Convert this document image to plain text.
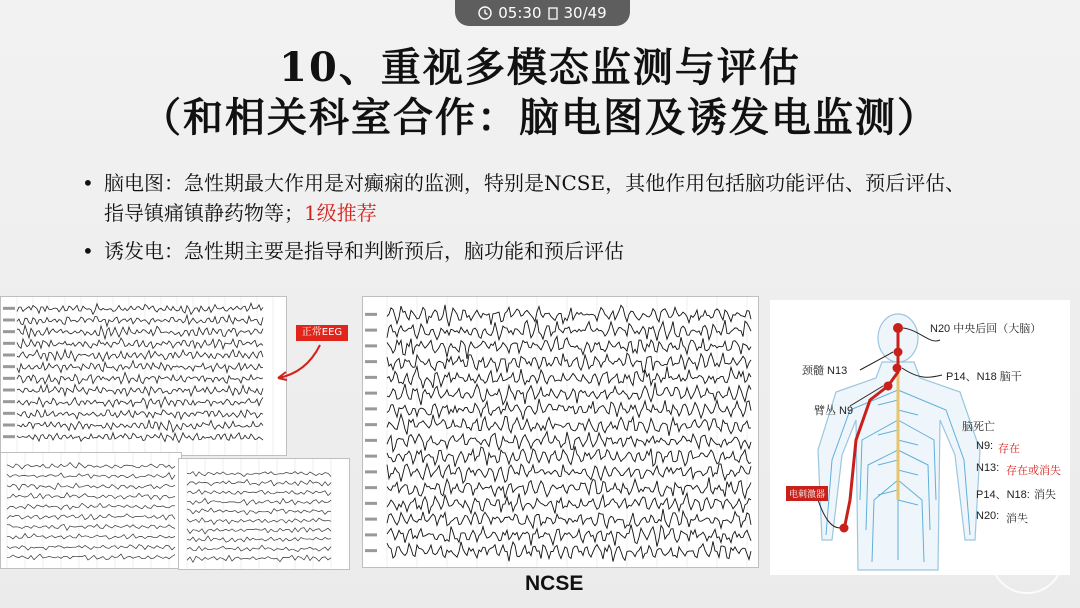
05:30 30/49
10、重视多模态监测与评估
（和相关科室合作：脑电图及诱发电监测）
• 脑电图：急性期最大作用是对癫痫的监测，特别是NCSE，其他作用包括脑功能评估、预后评估、指导镇痛镇静药物等；1级推荐
• 诱发电：急性期主要是指导和判断预后，脑功能和预后评估
正常EEG
NCSE
N20 中央后回（大脑）
颈髓 N13	P14、N18 脑干
臂丛 N9
脑死亡
N9: 存在
N13: 存在或消失
P14、N18: 消失
N20: 消失
电刺激器
